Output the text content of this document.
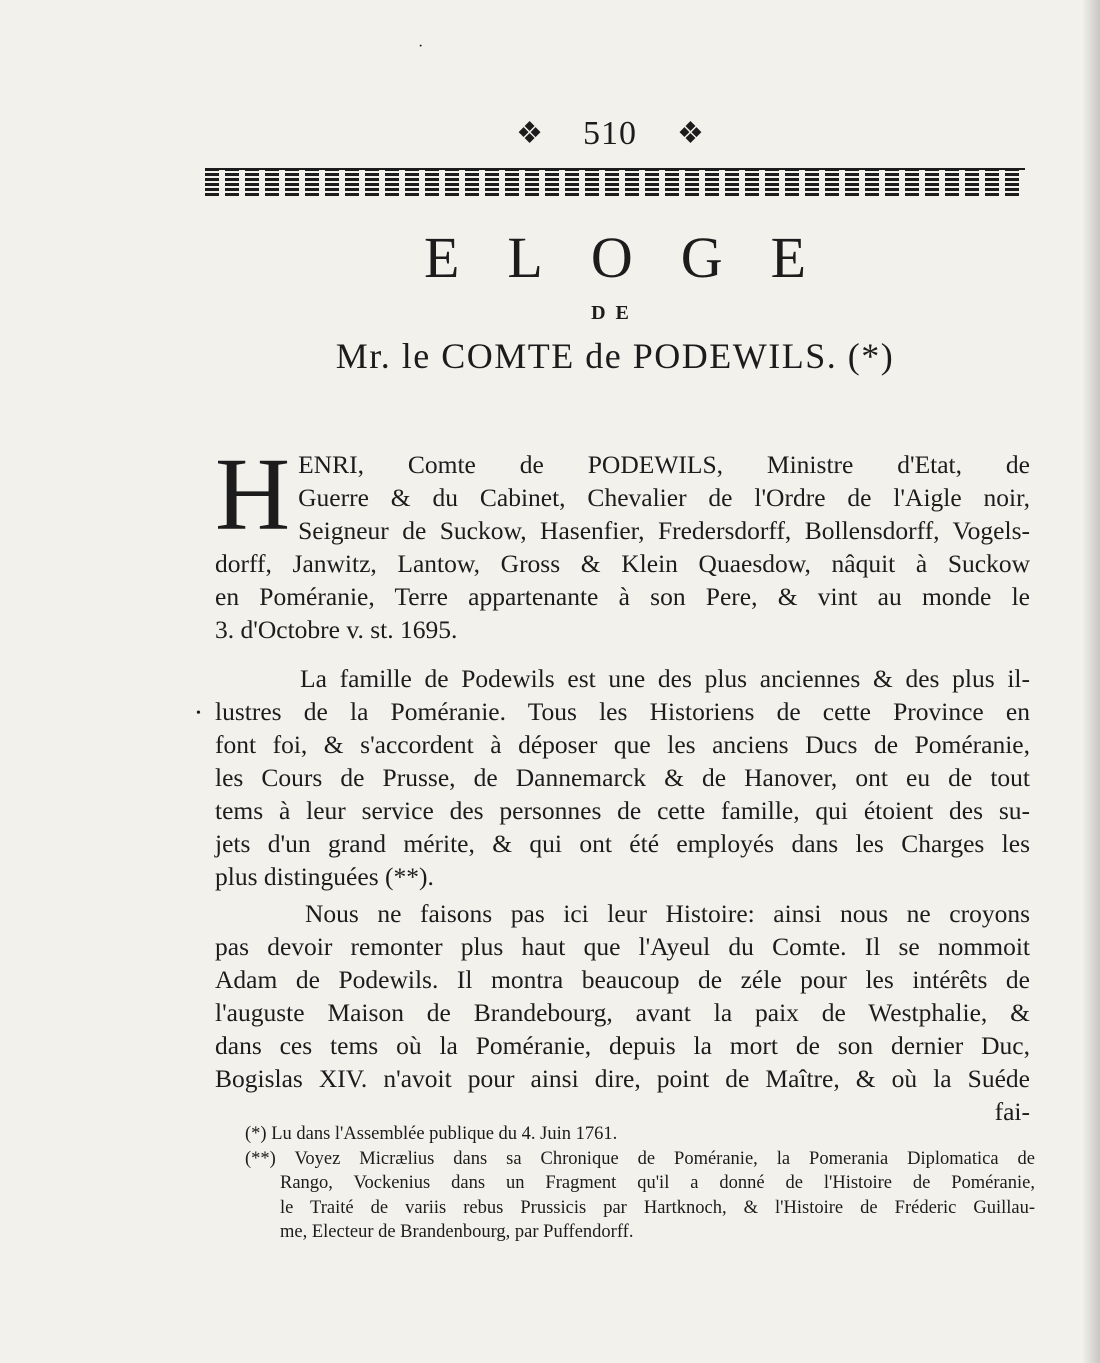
·
❖ 510 ❖
ELOGE
DE
Mr. le COMTE de PODEWILS. (*)
H ENRI, Comte de PODEWILS, Ministre d'Etat, de
Guerre & du Cabinet, Chevalier de l'Ordre de l'Aigle noir,
Seigneur de Suckow, Hasenfier, Fredersdorff, Bollensdorff, Vogels-
dorff, Janwitz, Lantow, Gross & Klein Quaesdow, nâquit à Suckow
en Poméranie, Terre appartenante à son Pere, & vint au monde le
3. d'Octobre v. st. 1695.
•
La famille de Podewils est une des plus anciennes & des plus il-
lustres de la Poméranie. Tous les Historiens de cette Province en
font foi, & s'accordent à déposer que les anciens Ducs de Poméranie,
les Cours de Prusse, de Dannemarck & de Hanover, ont eu de tout
tems à leur service des personnes de cette famille, qui étoient des su-
jets d'un grand mérite, & qui ont été employés dans les Charges les
plus distinguées (**).
Nous ne faisons pas ici leur Histoire: ainsi nous ne croyons
pas devoir remonter plus haut que l'Ayeul du Comte. Il se nommoit
Adam de Podewils. Il montra beaucoup de zéle pour les intérêts de
l'auguste Maison de Brandebourg, avant la paix de Westphalie, &
dans ces tems où la Poméranie, depuis la mort de son dernier Duc,
Bogislas XIV. n'avoit pour ainsi dire, point de Maître, & où la Suéde
fai-
(*) Lu dans l'Assemblée publique du 4. Juin 1761.
(**) Voyez Micrælius dans sa Chronique de Poméranie, la Pomerania Diplomatica de
Rango, Vockenius dans un Fragment qu'il a donné de l'Histoire de Poméranie,
le Traité de variis rebus Prussicis par Hartknoch, & l'Histoire de Fréderic Guillau-
me, Electeur de Brandenbourg, par Puffendorff.
